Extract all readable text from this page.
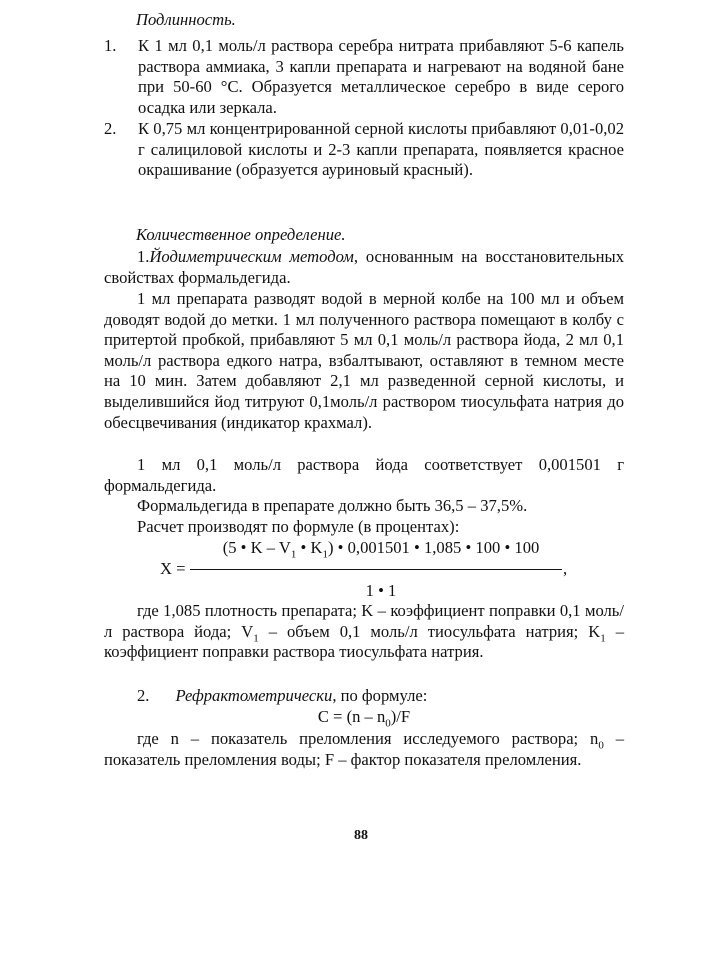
Подлинность.
1.	К 1 мл 0,1 моль/л раствора серебра нитрата прибавляют 5-6 капель раствора аммиака, 3 капли препарата и нагревают на водяной бане при 50-60 °С. Образуется металлическое серебро в виде серого осадка или зеркала.
2.	К 0,75 мл концентрированной серной кислоты прибавляют 0,01-0,02 г салициловой кислоты и 2-3 капли препарата, появляется красное окрашивание (образуется ауриновый красный).
Количественное определение.
1.Йодиметрическим методом, основанным на восстановительных свойствах формальдегида.
1 мл препарата разводят водой в мерной колбе на 100 мл и объем доводят водой до метки. 1 мл полученного раствора помещают в колбу с притертой пробкой, прибавляют 5 мл 0,1 моль/л раствора йода, 2 мл 0,1 моль/л раствора едкого натра, взбалтывают, оставляют в темном месте на 10 мин. Затем добавляют 2,1 мл разведенной серной кислоты, и выделившийся йод титруют 0,1моль/л раствором тиосульфата натрия до обесцвечивания (индикатор крахмал).
1 мл 0,1 моль/л раствора йода соответствует 0,001501 г формальдегида.
Формальдегида в препарате должно быть 36,5 – 37,5%.
Расчет производят по формуле (в процентах):
X =
(5 • K – $V_1$ • $K_1$) • 0,001501 • 1,085 • 100 • 100
,
1 • 1
где 1,085 плотность препарата; K – коэффициент поправки 0,1 моль/л раствора йода; $V_1$ – объем 0,1 моль/л тиосульфата натрия; $K_1$ – коэффициент поправки раствора тиосульфата натрия.
2. Рефрактометрически, по формуле:
$C = (n - n_0)/F$
где n – показатель преломления исследуемого раствора; $n_0$ – показатель преломления воды; F – фактор показателя преломления.
88
